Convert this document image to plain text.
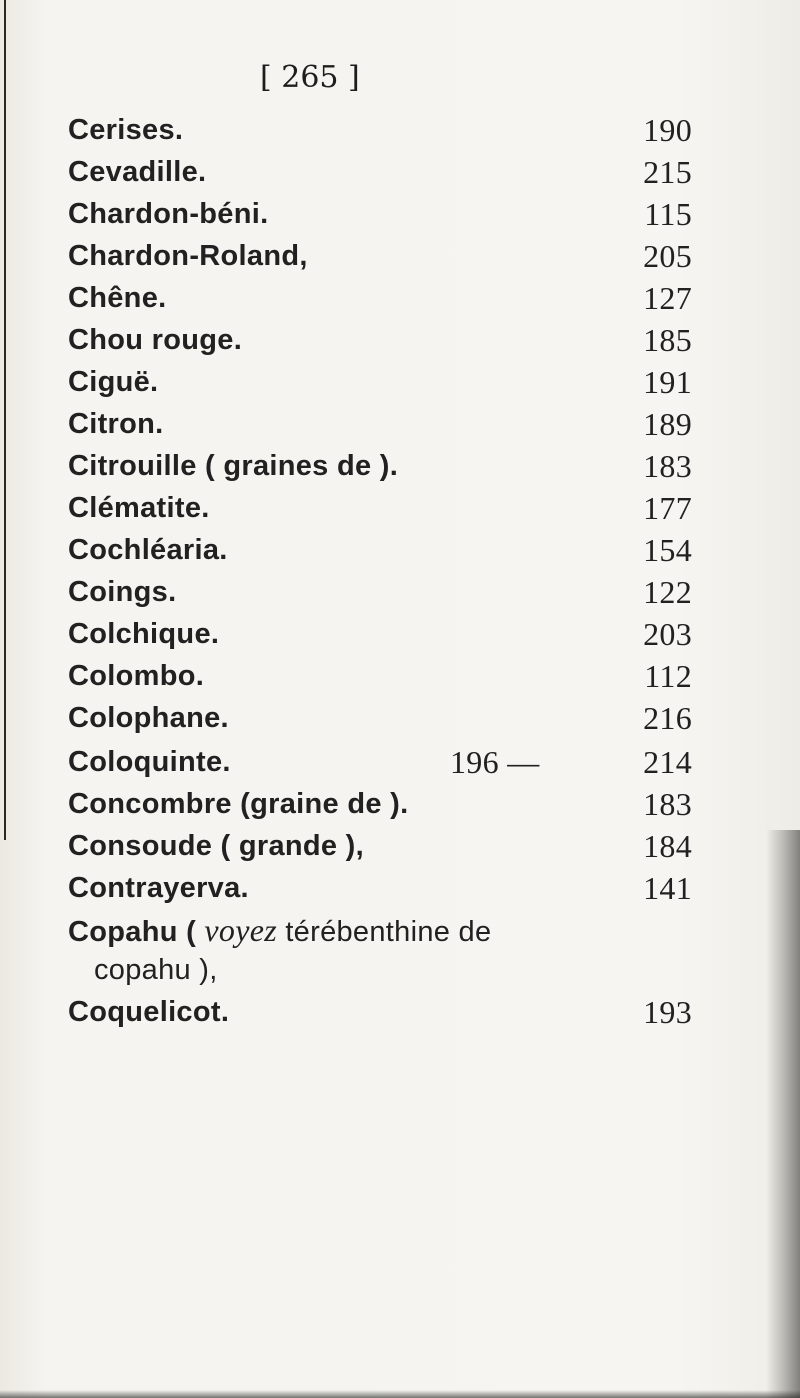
[ 265 ]
Cerises.	190
Cevadille.	215
Chardon-béni.	115
Chardon-Roland,	205
Chêne.	127
Chou rouge.	185
Ciguë.	191
Citron.	189
Citrouille ( graines de ).	183
Clématite.	177
Cochléaria.	154
Coings.	122
Colchique.	203
Colombo.	112
Colophane.	216
Coloquinte.	196 —	214
Concombre (graine de ).	183
Consoude ( grande ),	184
Contrayerva.	141
Copahu ( voyez térébenthine de
copahu ),
Coquelicot.	193
